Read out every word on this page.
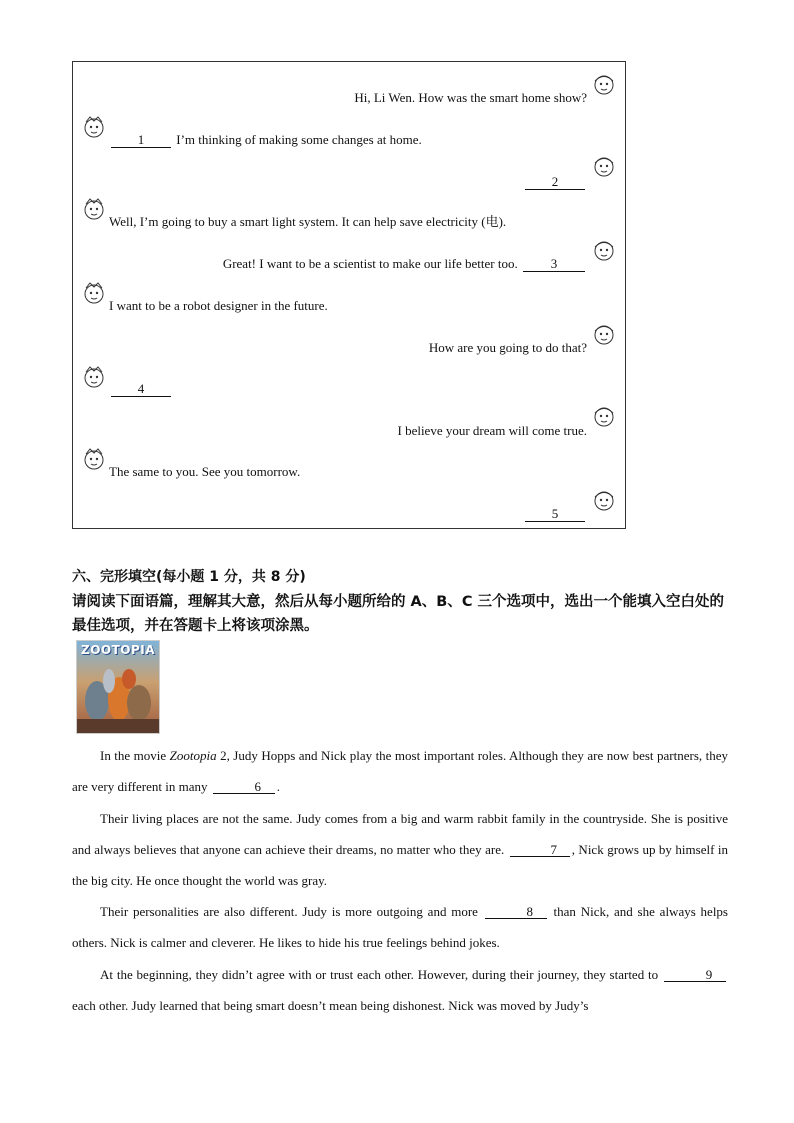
Hi, Li Wen. How was the smart home show?
1 I’m thinking of making some changes at home.
2
Well, I’m going to buy a smart light system. It can help save electricity (电).
Great! I want to be a scientist to make our life better too. 3
I want to be a robot designer in the future.
How are you going to do that?
4
I believe your dream will come true.
The same to you. See you tomorrow.
5
六、完形填空(每小题 1 分，共 8 分)
请阅读下面语篇，理解其大意，然后从每小题所给的 A、B、C 三个选项中，选出一个能填入空白处的最佳选项，并在答题卡上将该项涂黑。
ZOOTOPIA
In the movie Zootopia 2, Judy Hopps and Nick play the most important roles. Although they are now best partners, they are very different in many	6 .
Their living places are not the same. Judy comes from a big and warm rabbit family in the countryside. She is positive and always believes that anyone can achieve their dreams, no matter who they are.	7 , Nick grows up by himself in the big city. He once thought the world was gray.
Their personalities are also different. Judy is more outgoing and more	8 than Nick, and she always helps others. Nick is calmer and cleverer. He likes to hide his true feelings behind jokes.
At the beginning, they didn’t agree with or trust each other. However, during their journey, they started to	9 each other. Judy learned that being smart doesn’t mean being dishonest. Nick was moved by Judy’s
